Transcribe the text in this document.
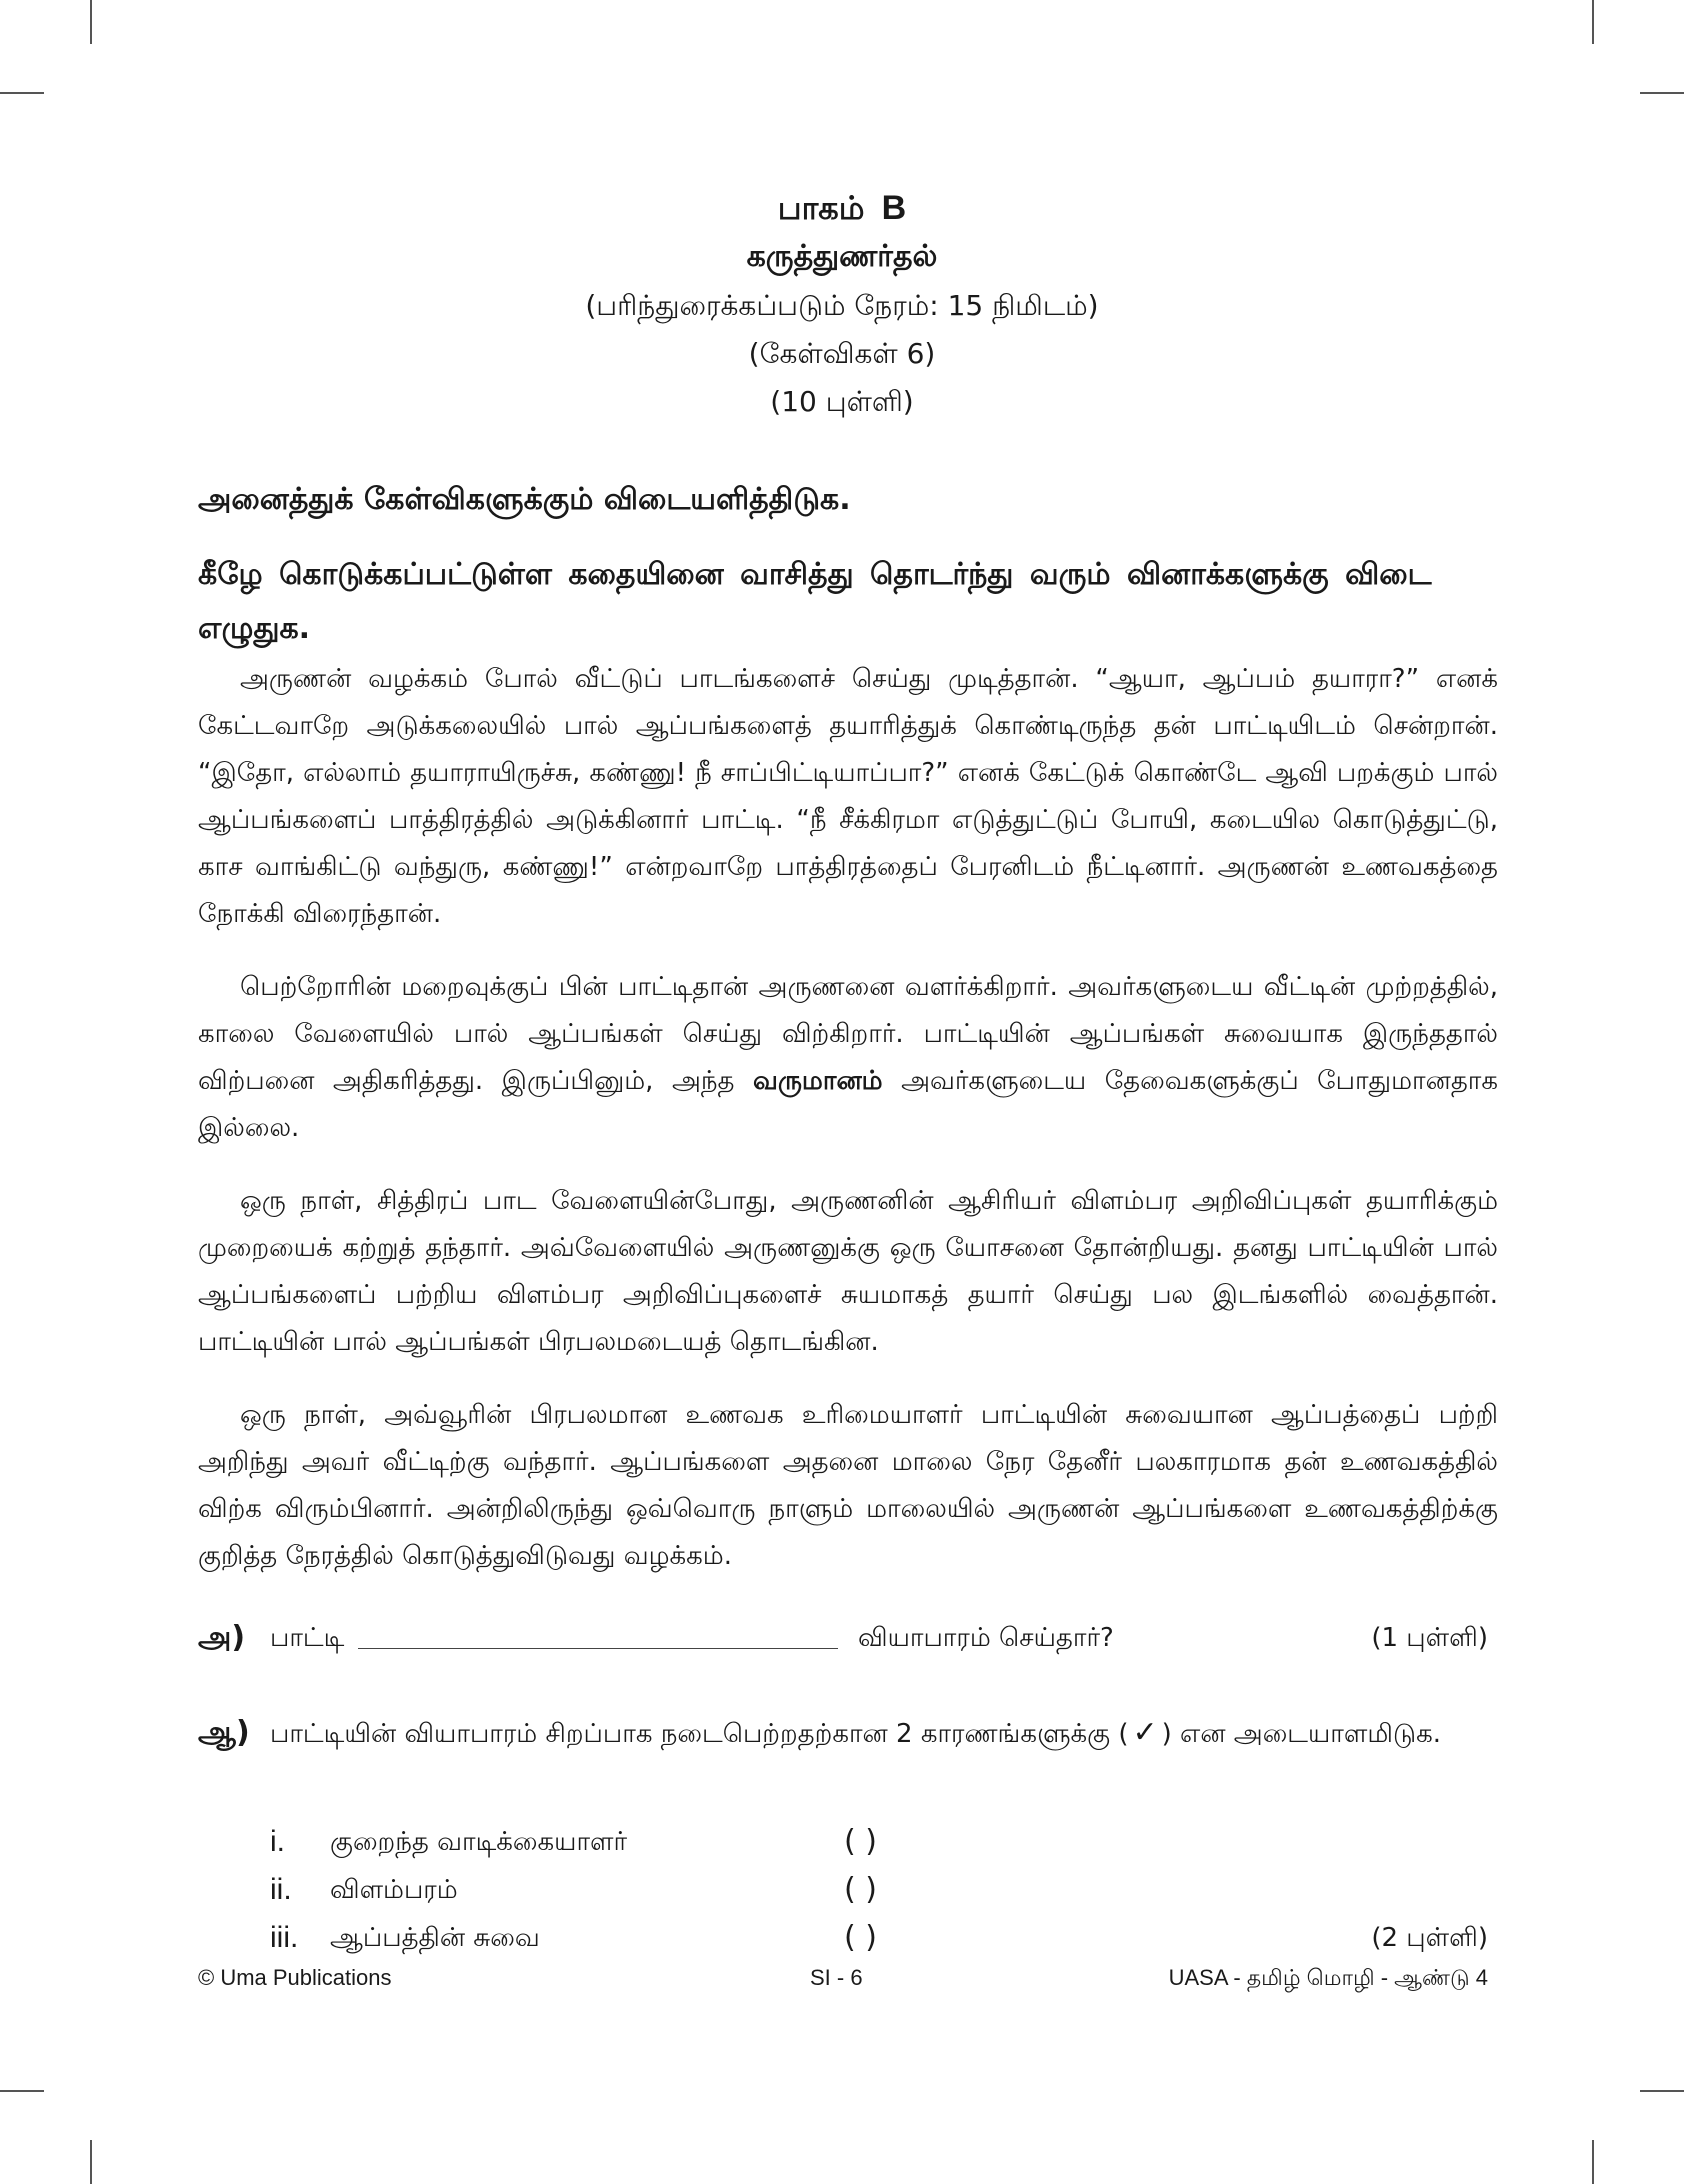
பாகம் B
கருத்துணர்தல்
(பரிந்துரைக்கப்படும் நேரம்: 15 நிமிடம்)
(கேள்விகள் 6)
(10 புள்ளி)
அனைத்துக் கேள்விகளுக்கும் விடையளித்திடுக.
கீழே கொடுக்கப்பட்டுள்ள கதையினை வாசித்து தொடர்ந்து வரும் வினாக்களுக்கு விடை எழுதுக.

அருணன் வழக்கம் போல் வீட்டுப் பாடங்களைச் செய்து முடித்தான். “ஆயா, ஆப்பம் தயாரா?” எனக் கேட்டவாறே அடுக்கலையில் பால் ஆப்பங்களைத் தயாரித்துக் கொண்டிருந்த தன் பாட்டியிடம் சென்றான். “இதோ, எல்லாம் தயாராயிருச்சு, கண்ணு! நீ சாப்பிட்டியாப்பா?” எனக் கேட்டுக் கொண்டே ஆவி பறக்கும் பால் ஆப்பங்களைப் பாத்திரத்தில் அடுக்கினார் பாட்டி. “நீ சீக்கிரமா எடுத்துட்டுப் போயி, கடையில கொடுத்துட்டு, காச வாங்கிட்டு வந்துரு, கண்ணு!” என்றவாறே பாத்திரத்தைப் பேரனிடம் நீட்டினார். அருணன் உணவகத்தை நோக்கி விரைந்தான்.

பெற்றோரின் மறைவுக்குப் பின் பாட்டிதான் அருணனை வளர்க்கிறார். அவர்களுடைய வீட்டின் முற்றத்தில், காலை வேளையில் பால் ஆப்பங்கள் செய்து விற்கிறார். பாட்டியின் ஆப்பங்கள் சுவையாக இருந்ததால் விற்பனை அதிகரித்தது. இருப்பினும், அந்த வருமானம் அவர்களுடைய தேவைகளுக்குப் போதுமானதாக இல்லை.

ஒரு நாள், சித்திரப் பாட வேளையின்போது, அருணனின் ஆசிரியர் விளம்பர அறிவிப்புகள் தயாரிக்கும் முறையைக் கற்றுத் தந்தார். அவ்வேளையில் அருணனுக்கு ஒரு யோசனை தோன்றியது. தனது பாட்டியின் பால் ஆப்பங்களைப் பற்றிய விளம்பர அறிவிப்புகளைச் சுயமாகத் தயார் செய்து பல இடங்களில் வைத்தான். பாட்டியின் பால் ஆப்பங்கள் பிரபலமடையத் தொடங்கின.

ஒரு நாள், அவ்வூரின் பிரபலமான உணவக உரிமையாளர் பாட்டியின் சுவையான ஆப்பத்தைப் பற்றி அறிந்து அவர் வீட்டிற்கு வந்தார். ஆப்பங்களை அதனை மாலை நேர தேனீர் பலகாரமாக தன் உணவகத்தில் விற்க விரும்பினார். அன்றிலிருந்து ஒவ்வொரு நாளும் மாலையில் அருணன் ஆப்பங்களை உணவகத்திற்க்கு குறித்த நேரத்தில் கொடுத்துவிடுவது வழக்கம்.

அ) பாட்டி	வியாபாரம் செய்தார்?	(1 புள்ளி)
ஆ) பாட்டியின் வியாபாரம் சிறப்பாக நடைபெற்றதற்கான 2 காரணங்களுக்கு ( ✓ ) என அடையாளமிடுக.
i. குறைந்த வாடிக்கையாளர்	( )
ii. விளம்பரம்	( )
iii. ஆப்பத்தின் சுவை	( )	(2 புள்ளி)
© Uma Publications	SI - 6	UASA - தமிழ் மொழி - ஆண்டு 4
